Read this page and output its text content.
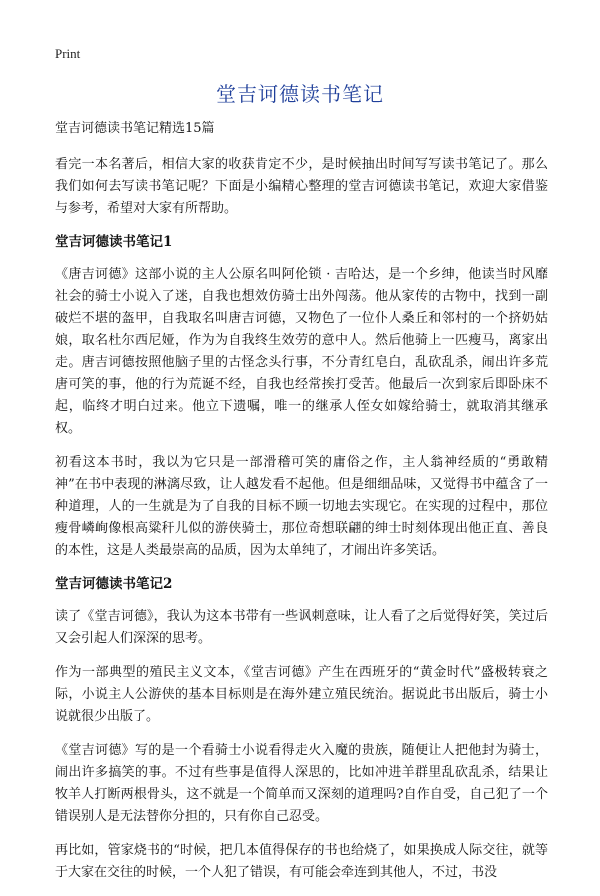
Print
堂吉诃德读书笔记
堂吉诃德读书笔记精选15篇

看完一本名著后，相信大家的收获肯定不少，是时候抽出时间写写读书笔记了。那么我们如何去写读书笔记呢？下面是小编精心整理的堂吉诃德读书笔记，欢迎大家借鉴与参考，希望对大家有所帮助。

堂吉诃德读书笔记1

《唐吉诃德》这部小说的主人公原名叫阿伦锁 · 吉哈达，是一个乡绅，他读当时风靡社会的骑士小说入了迷，自我也想效仿骑士出外闯荡。他从家传的古物中，找到一副破烂不堪的盔甲，自我取名叫唐吉诃德，又物色了一位仆人桑丘和邻村的一个挤奶姑娘，取名杜尔西尼娅，作为为自我终生效劳的意中人。然后他骑上一匹瘦马，离家出走。唐吉诃德按照他脑子里的古怪念头行事，不分青红皂白，乱砍乱杀，闹出许多荒唐可笑的事，他的行为荒诞不经，自我也经常挨打受苦。他最后一次到家后即卧床不起，临终才明白过来。他立下遗嘱，唯一的继承人侄女如嫁给骑士，就取消其继承权。

初看这本书时，我以为它只是一部滑稽可笑的庸俗之作，主人翁神经质的“勇敢精神”在书中表现的淋漓尽致，让人越发看不起他。但是细细品味，又觉得书中蕴含了一种道理，人的一生就是为了自我的目标不顾一切地去实现它。在实现的过程中，那位瘦骨嶙峋像根高粱秆儿似的游侠骑士，那位奇想联翩的绅士时刻体现出他正直、善良的本性，这是人类最崇高的品质，因为太单纯了，才闹出许多笑话。

堂吉诃德读书笔记2

读了《堂吉诃德》，我认为这本书带有一些讽刺意味，让人看了之后觉得好笑，笑过后又会引起人们深深的思考。

作为一部典型的殖民主义文本，《堂吉诃德》产生在西班牙的“黄金时代”盛极转衰之际，小说主人公游侠的基本目标则是在海外建立殖民统治。据说此书出版后，骑士小说就很少出版了。

《堂吉诃德》写的是一个看骑士小说看得走火入魔的贵族，随便让人把他封为骑士，闹出许多搞笑的事。不过有些事是值得人深思的，比如冲进羊群里乱砍乱杀，结果让牧羊人打断两根骨头，这不就是一个简单而又深刻的道理吗?自作自受，自己犯了一个错误别人是无法替你分担的，只有你自己忍受。

再比如，管家烧书的“时候，把几本值得保存的书也给烧了，如果换成人际交往，就等于大家在交往的时候，一个人犯了错误，有可能会牵连到其他人，不过，书没
